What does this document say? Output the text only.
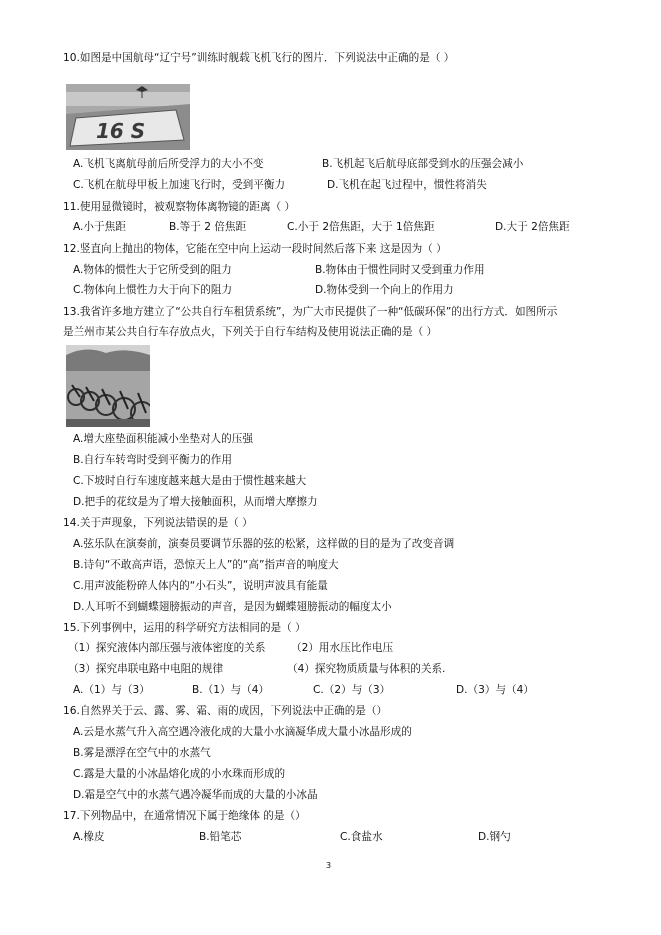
10.如图是中国航母“辽宁号”训练时舰载飞机飞行的图片．下列说法中正确的是（ ）
16 S
A.飞机飞离航母前后所受浮力的大小不变	B.飞机起飞后航母底部受到水的压强会减小
C.飞机在航母甲板上加速飞行时，受到平衡力	D.飞机在起飞过程中，惯性将消失
11.使用显微镜时，被观察物体离物镜的距离（ ）
A.小于焦距	B.等于 2 倍焦距	C.小于 2倍焦距，大于 1倍焦距	D.大于 2倍焦距
12.竖直向上抛出的物体，它能在空中向上运动一段时间然后落下来 这是因为（ ）
A.物体的惯性大于它所受到的阻力	B.物体由于惯性同时又受到重力作用
C.物体向上惯性力大于向下的阻力	D.物体受到一个向上的作用力
13.我省许多地方建立了“公共自行车租赁系统”，为广大市民提供了一种“低碳环保”的出行方式．如图所示
是兰州市某公共自行车存放点火，下列关于自行车结构及使用说法正确的是（ ）
A.增大座垫面积能减小坐垫对人的压强
B.自行车转弯时受到平衡力的作用
C.下坡时自行车速度越来越大是由于惯性越来越大
D.把手的花纹是为了增大接触面积，从而增大摩擦力
14.关于声现象，下列说法错误的是（ ）
A.弦乐队在演奏前，演奏员要调节乐器的弦的松紧，这样做的目的是为了改变音调
B.诗句“不敢高声语，恐惊天上人”的“高”指声音的响度大
C.用声波能粉碎人体内的“小石头”，说明声波具有能量
D.人耳听不到蝴蝶翅膀振动的声音，是因为蝴蝶翅膀振动的幅度太小
15.下列事例中，运用的科学研究方法相同的是（ ）
（1）探究液体内部压强与液体密度的关系 （2）用水压比作电压
（3）探究串联电路中电阻的规律	（4）探究物质质量与体积的关系.
A.（1）与（3）	B.（1）与（4）	C.（2）与（3）	D.（3）与（4）
16.自然界关于云、露、雾、霜、雨的成因，下列说法中正确的是（）
A.云是水蒸气升入高空遇冷液化成的大量小水滴凝华成大量小冰晶形成的
B.雾是漂浮在空气中的水蒸气
C.露是大量的小冰晶熔化成的小水珠而形成的
D.霜是空气中的水蒸气遇冷凝华而成的大量的小冰晶
17.下列物品中，在通常情况下属于绝缘体 的是（）
A.橡皮	B.铅笔芯	C.食盐水	D.钢勺
3
